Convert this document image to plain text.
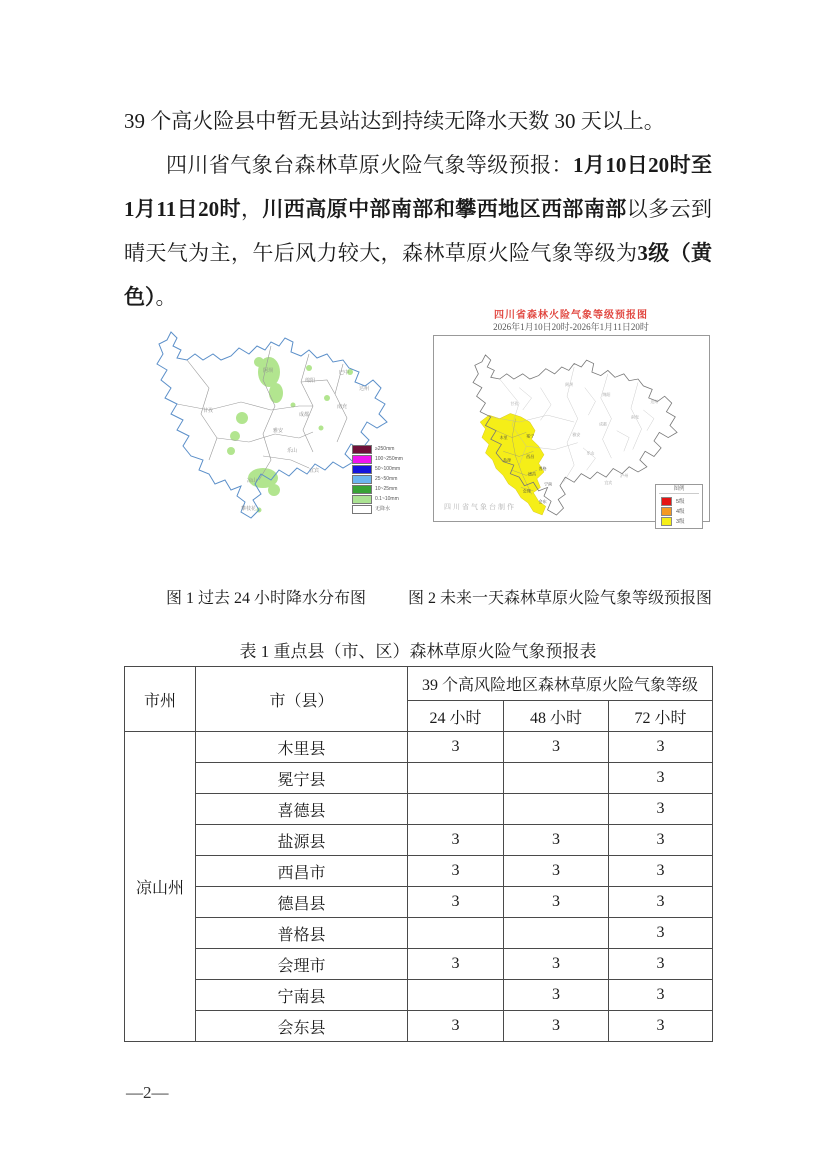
39 个高火险县中暂无县站达到持续无降水天数 30 天以上。
四川省气象台森林草原火险气象等级预报：1月10日20时至
1月11日20时，川西高原中部南部和攀西地区西部南部以多云到
晴天气为主，午后风力较大，森林草原火险气象等级为3级（黄
色）。
阿坝
甘孜
绵阳
巴中
达州
南充
成都
雅安
乐山
宜宾
凉山
攀枝花
≥250mm
100~250mm
50~100mm
25~50mm
10~25mm
0.1~10mm
无降水
四川省森林火险气象等级预报图
2026年1月10日20时-2026年1月11日20时
甘孜
阿坝
绵阳
达州
南充
成都
雅安
乐山
泸州
宜宾
木里	冕宁
盐源
西昌
德昌
会理
会东
宁南
普格
四川省气象台制作
图例
5级
4级
3级
图 1 过去 24 小时降水分布图	图 2 未来一天森林草原火险气象等级预报图
表 1 重点县（市、区）森林草原火险气象预报表
市州	市（县）	39 个高风险地区森林草原火险气象等级		
		24 小时	48 小时	72 小时
凉山州	木里县	3	3	3
	冕宁县			3
	喜德县			3
	盐源县	3	3	3
	西昌市	3	3	3
	德昌县	3	3	3
	普格县			3
	会理市	3	3	3
	宁南县		3	3
	会东县	3	3	3
—2—
